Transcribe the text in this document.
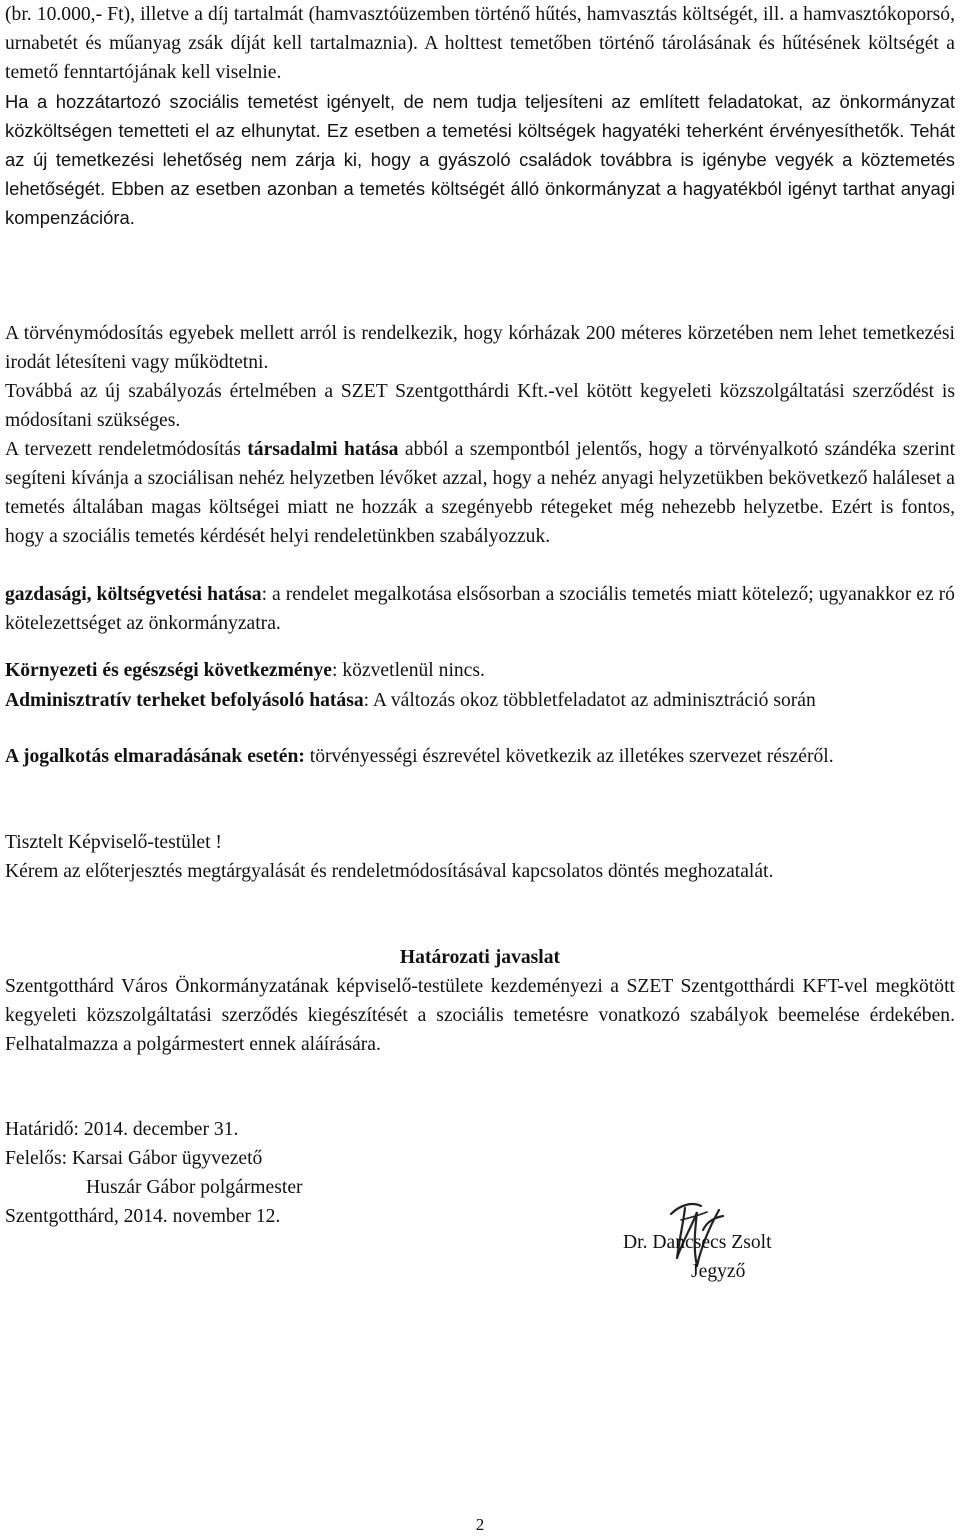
(br. 10.000,- Ft), illetve a díj tartalmát (hamvasztóüzemben történő hűtés, hamvasztás költségét, ill. a hamvasztókoporsó, urnabetét és műanyag zsák díját kell tartalmaznia). A holttest temetőben történő tárolásának és hűtésének költségét a temető fenntartójának kell viselnie.

Ha a hozzátartozó szociális temetést igényelt, de nem tudja teljesíteni az említett feladatokat, az önkormányzat közköltségen temetteti el az elhunytat. Ez esetben a temetési költségek hagyatéki teherként érvényesíthetők. Tehát az új temetkezési lehetőség nem zárja ki, hogy a gyászoló családok továbbra is igénybe vegyék a köztemetés lehetőségét. Ebben az esetben azonban a temetés költségét álló önkormányzat a hagyatékból igényt tarthat anyagi kompenzációra.

A törvénymódosítás egyebek mellett arról is rendelkezik, hogy kórházak 200 méteres körzetében nem lehet temetkezési irodát létesíteni vagy működtetni.

Továbbá az új szabályozás értelmében a SZET Szentgotthárdi Kft.-vel kötött kegyeleti közszolgáltatási szerződést is módosítani szükséges.

A tervezett rendeletmódosítás társadalmi hatása abból a szempontból jelentős, hogy a törvényalkotó szándéka szerint segíteni kívánja a szociálisan nehéz helyzetben lévőket azzal, hogy a nehéz anyagi helyzetükben bekövetkező haláleset a temetés általában magas költségei miatt ne hozzák a szegényebb rétegeket még nehezebb helyzetbe. Ezért is fontos, hogy a szociális temetés kérdését helyi rendeletünkben szabályozzuk.

gazdasági, költségvetési hatása: a rendelet megalkotása elsősorban a szociális temetés miatt kötelező; ugyanakkor ez ró kötelezettséget az önkormányzatra.

Környezeti és egészségi következménye: közvetlenül nincs.

Adminisztratív terheket befolyásoló hatása: A változás okoz többletfeladatot az adminisztráció során

A jogalkotás elmaradásának esetén: törvényességi észrevétel következik az illetékes szervezet részéről.

Tisztelt Képviselő-testület !

Kérem az előterjesztés megtárgyalását és rendeletmódosításával kapcsolatos döntés meghozatalát.

Határozati javaslat

Szentgotthárd Város Önkormányzatának képviselő-testülete kezdeményezi a SZET Szentgotthárdi KFT-vel megkötött kegyeleti közszolgáltatási szerződés kiegészítését a szociális temetésre vonatkozó szabályok beemelése érdekében. Felhatalmazza a polgármestert ennek aláírására.

Határidő: 2014. december 31.

Felelős: Karsai Gábor ügyvezető

Huszár Gábor polgármester

Szentgotthárd, 2014. november 12.

Dr. Dancsecs Zsolt
Jegyző
2
